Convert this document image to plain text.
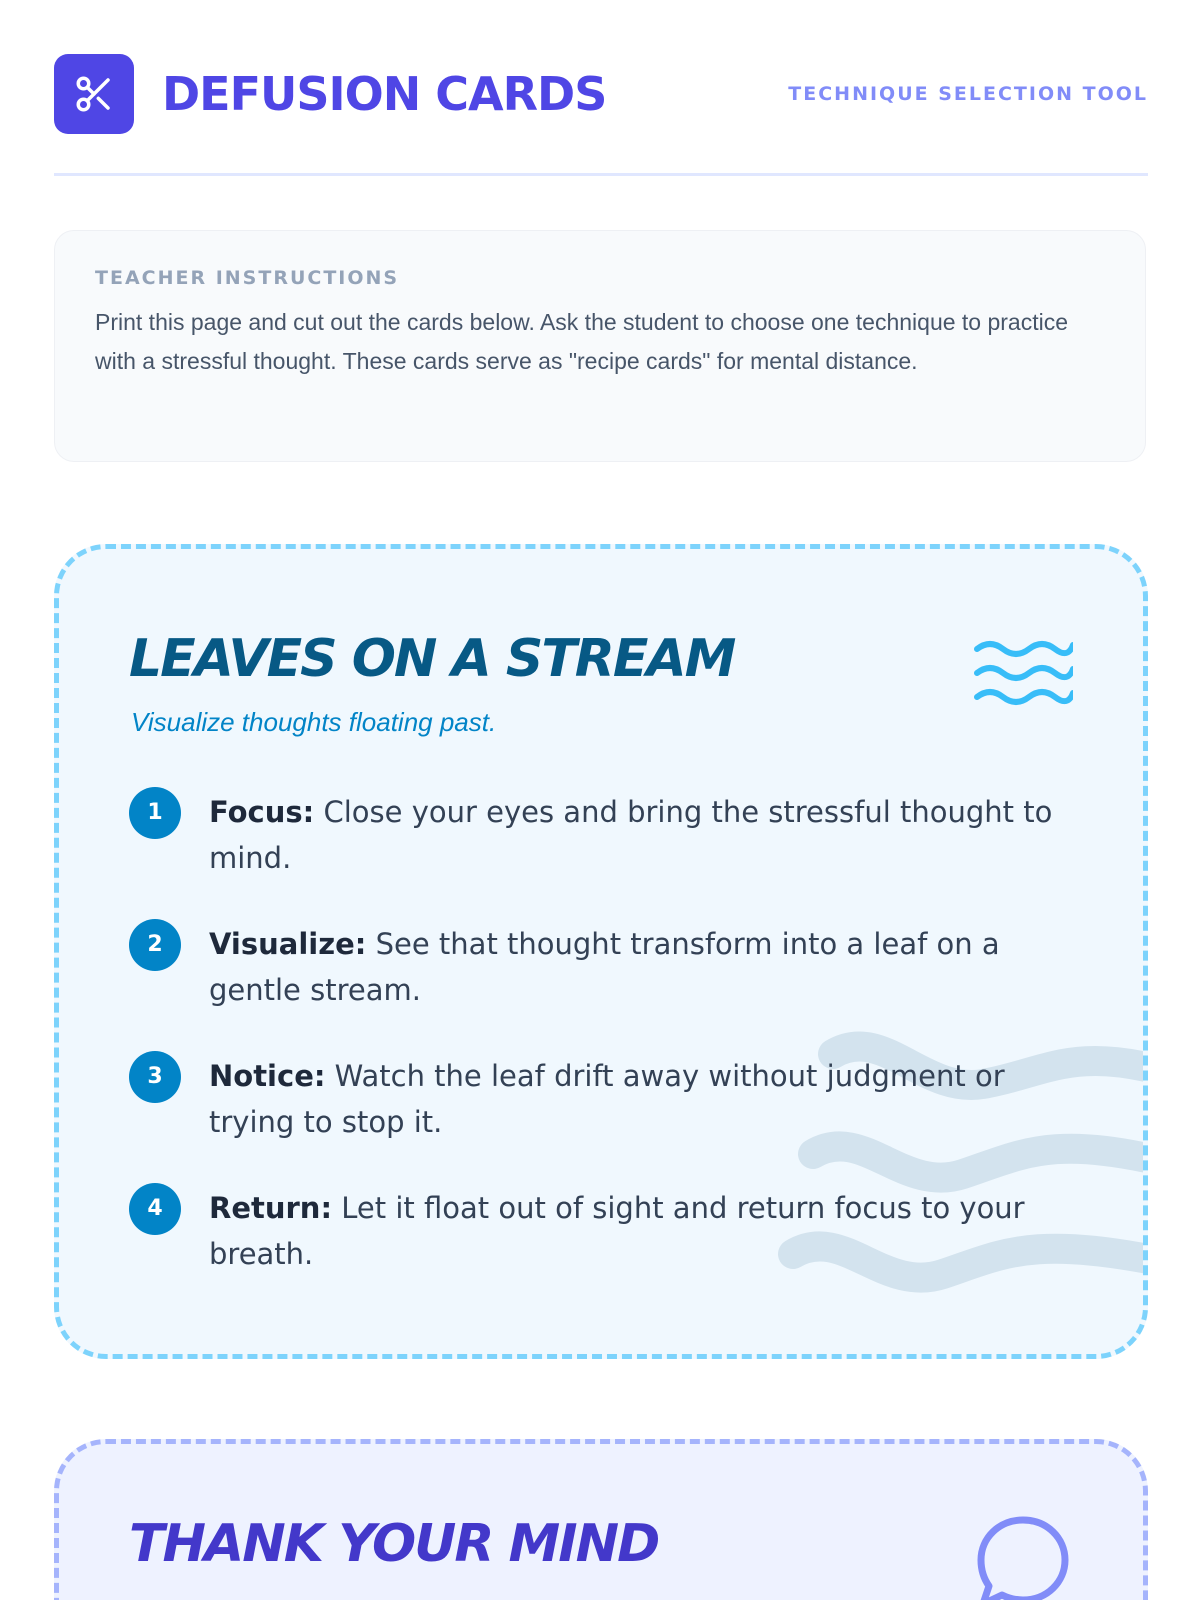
DEFUSION CARDS	TECHNIQUE SELECTION TOOL

TEACHER INSTRUCTIONS

Print this page and cut out the cards below. Ask the student to choose one technique to practice with a stressful thought. These cards serve as "recipe cards" for mental distance.

LEAVES ON A STREAM

Visualize thoughts floating past.

1	Focus: Close your eyes and bring the stressful thought to mind.
2	Visualize: See that thought transform into a leaf on a gentle stream.
3	Notice: Watch the leaf drift away without judgment or trying to stop it.
4	Return: Let it float out of sight and return focus to your breath.
THANK YOUR MIND
